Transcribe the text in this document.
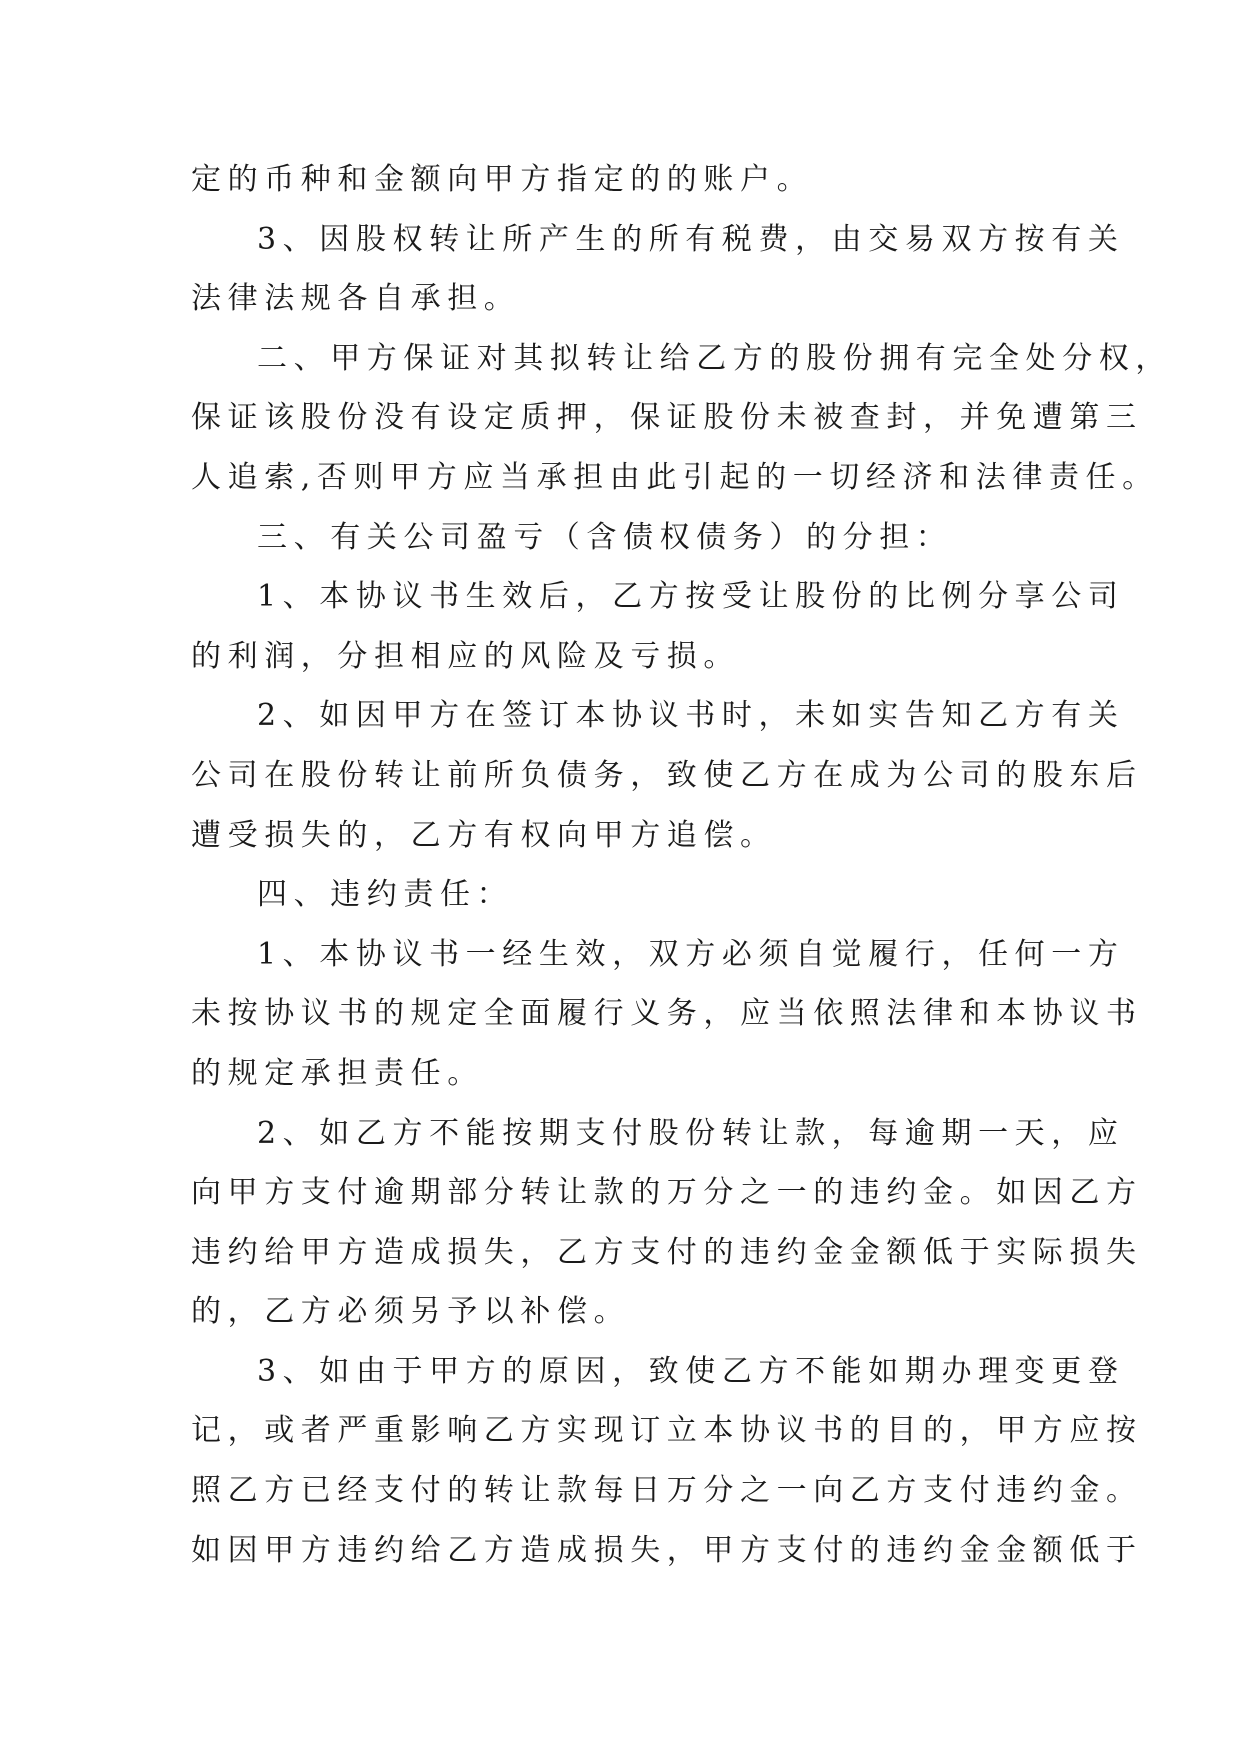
定的币种和金额向甲方指定的的账户。
3、因股权转让所产生的所有税费，由交易双方按有关
法律法规各自承担。
二、甲方保证对其拟转让给乙方的股份拥有完全处分权，
保证该股份没有设定质押，保证股份未被查封，并免遭第三
人追索,否则甲方应当承担由此引起的一切经济和法律责任。
三、有关公司盈亏（含债权债务）的分担：
1、本协议书生效后，乙方按受让股份的比例分享公司
的利润，分担相应的风险及亏损。
2、如因甲方在签订本协议书时，未如实告知乙方有关
公司在股份转让前所负债务，致使乙方在成为公司的股东后
遭受损失的，乙方有权向甲方追偿。
四、违约责任：
1、本协议书一经生效，双方必须自觉履行，任何一方
未按协议书的规定全面履行义务，应当依照法律和本协议书
的规定承担责任。
2、如乙方不能按期支付股份转让款，每逾期一天，应
向甲方支付逾期部分转让款的万分之一的违约金。如因乙方
违约给甲方造成损失，乙方支付的违约金金额低于实际损失
的，乙方必须另予以补偿。
3、如由于甲方的原因，致使乙方不能如期办理变更登
记，或者严重影响乙方实现订立本协议书的目的，甲方应按
照乙方已经支付的转让款每日万分之一向乙方支付违约金。
如因甲方违约给乙方造成损失，甲方支付的违约金金额低于
